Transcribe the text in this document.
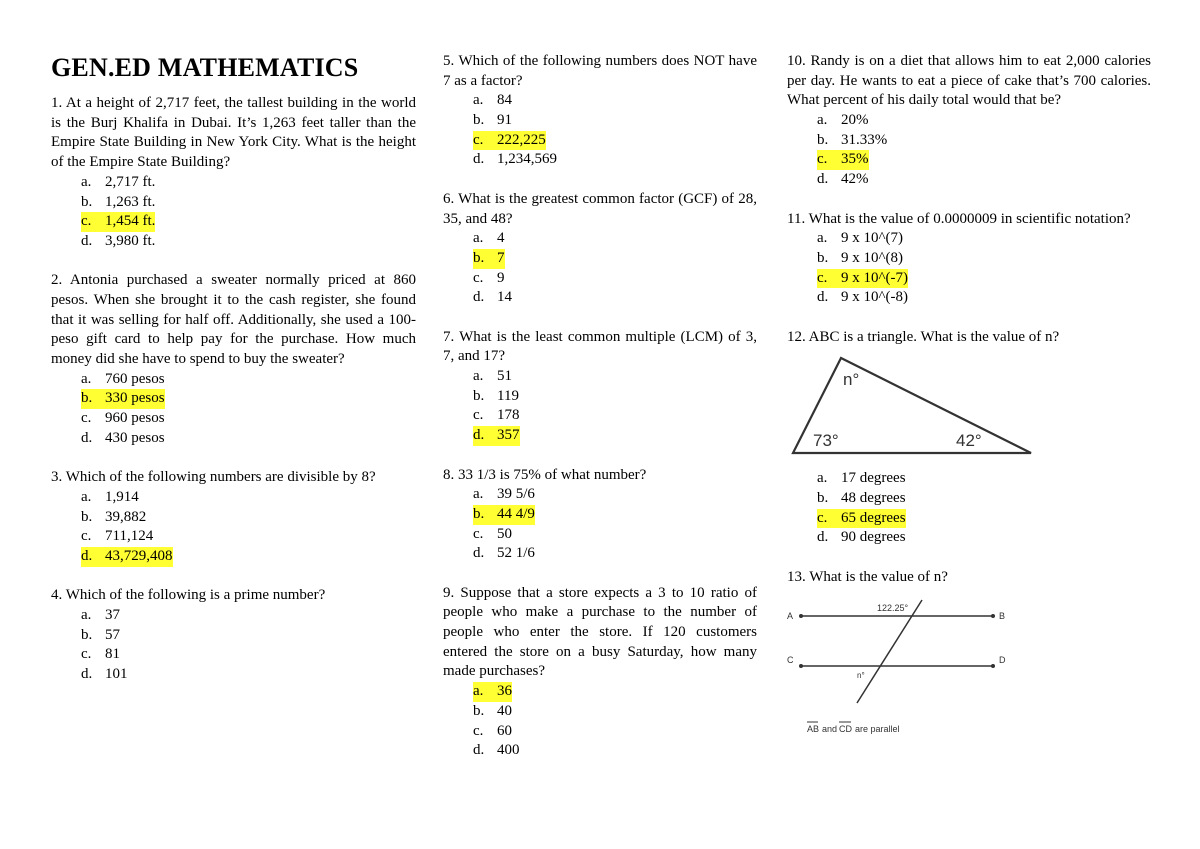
GEN.ED MATHEMATICS
1. At a height of 2,717 feet, the tallest building in the world is the Burj Khalifa in Dubai. It’s 1,263 feet taller than the Empire State Building in New York City. What is the height of the Empire State Building?
a. 2,717 ft.
b. 1,263 ft.
c. 1,454 ft.
d. 3,980 ft.
2. Antonia purchased a sweater normally priced at 860 pesos. When she brought it to the cash register, she found that it was selling for half off. Additionally, she used a 100-peso gift card to help pay for the purchase. How much money did she have to spend to buy the sweater?
a. 760 pesos
b. 330 pesos
c. 960 pesos
d. 430 pesos
3. Which of the following numbers are divisible by 8?
a. 1,914
b. 39,882
c. 711,124
d. 43,729,408
4. Which of the following is a prime number?
a. 37
b. 57
c. 81
d. 101
5. Which of the following numbers does NOT have 7 as a factor?
a. 84
b. 91
c. 222,225
d. 1,234,569
6. What is the greatest common factor (GCF) of 28, 35, and 48?
a. 4
b. 7
c. 9
d. 14
7. What is the least common multiple (LCM) of 3, 7, and 17?
a. 51
b. 119
c. 178
d. 357
8. 33 1/3 is 75% of what number?
a. 39 5/6
b. 44 4/9
c. 50
d. 52 1/6
9. Suppose that a store expects a 3 to 10 ratio of people who make a purchase to the number of people who enter the store. If 120 customers entered the store on a busy Saturday, how many made purchases?
a. 36
b. 40
c. 60
d. 400
10. Randy is on a diet that allows him to eat 2,000 calories per day. He wants to eat a piece of cake that’s 700 calories. What percent of his daily total would that be?
a. 20%
b. 31.33%
c. 35%
d. 42%
11. What is the value of 0.0000009 in scientific notation?
a. 9 x 10^(7)
b. 9 x 10^(8)
c. 9 x 10^(-7)
d. 9 x 10^(-8)
12. ABC is a triangle. What is the value of n?
n°
73°	42°
a. 17 degrees
b. 48 degrees
c. 65 degrees
d. 90 degrees
13. What is the value of n?
A	B
C	D
122.25°
n°
AB CD are parallel
and
